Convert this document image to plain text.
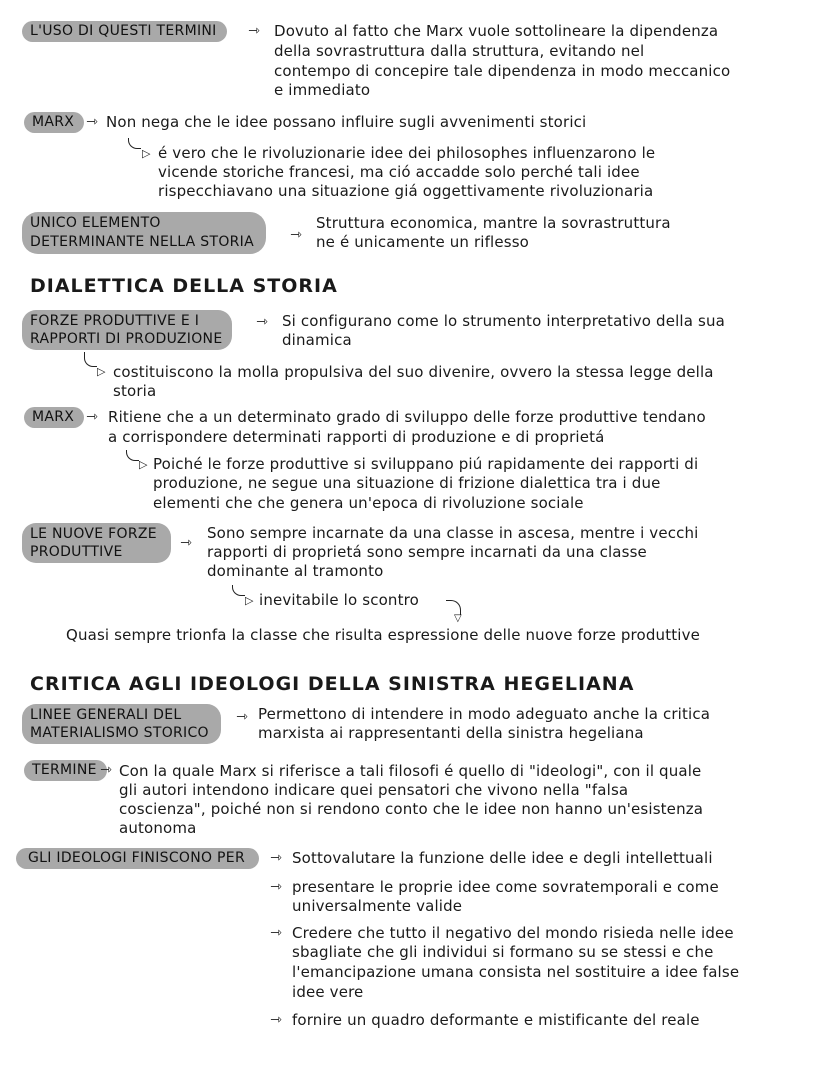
L'USO DI QUESTI TERMINI	⇾ Dovuto al fatto che Marx vuole sottolineare la dipendenza
della sovrastruttura dalla struttura, evitando nel
contempo di concepire tale dipendenza in modo meccanico
e immediato
MARX ⇾ Non nega che le idee possano influire sugli avvenimenti storici
▷ é vero che le rivoluzionarie idee dei philosophes influenzarono le
vicende storiche francesi, ma ció accadde solo perché tali idee
rispecchiavano una situazione giá oggettivamente rivoluzionaria
UNICO ELEMENTO
DETERMINANTE NELLA STORIA	⇾
Struttura economica, mantre la sovrastruttura
ne é unicamente un riflesso
DIALETTICA DELLA STORIA
FORZE PRODUTTIVE E I
RAPPORTI DI PRODUZIONE
⇾ Si configurano come lo strumento interpretativo della sua
dinamica
▷ costituiscono la molla propulsiva del suo divenire, ovvero la stessa legge della
storia
MARX ⇾ Ritiene che a un determinato grado di sviluppo delle forze produttive tendano
a corrispondere determinati rapporti di produzione e di proprietá
▷ Poiché le forze produttive si sviluppano piú rapidamente dei rapporti di
produzione, ne segue una situazione di frizione dialettica tra i due
elementi che che genera un'epoca di rivoluzione sociale
LE NUOVE FORZE
PRODUTTIVE
⇾
Sono sempre incarnate da una classe in ascesa, mentre i vecchi
rapporti di proprietá sono sempre incarnati da una classe
dominante al tramonto
▷ inevitabile lo scontro
▽
Quasi sempre trionfa la classe che risulta espressione delle nuove forze produttive
CRITICA AGLI IDEOLOGI DELLA SINISTRA HEGELIANA
LINEE GENERALI DEL
MATERIALISMO STORICO
⇾ Permettono di intendere in modo adeguato anche la critica
marxista ai rappresentanti della sinistra hegeliana
TERMINE ⇾ Con la quale Marx si riferisce a tali filosofi é quello di "ideologi", con il quale
gli autori intendono indicare quei pensatori che vivono nella "falsa
coscienza", poiché non si rendono conto che le idee non hanno un'esistenza
autonoma
GLI IDEOLOGI FINISCONO PER	⇾ Sottovalutare la funzione delle idee e degli intellettuali
⇾ presentare le proprie idee come sovratemporali e come
universalmente valide
⇾ Credere che tutto il negativo del mondo risieda nelle idee
sbagliate che gli individui si formano su se stessi e che
l'emancipazione umana consista nel sostituire a idee false
idee vere
⇾ fornire un quadro deformante e mistificante del reale
